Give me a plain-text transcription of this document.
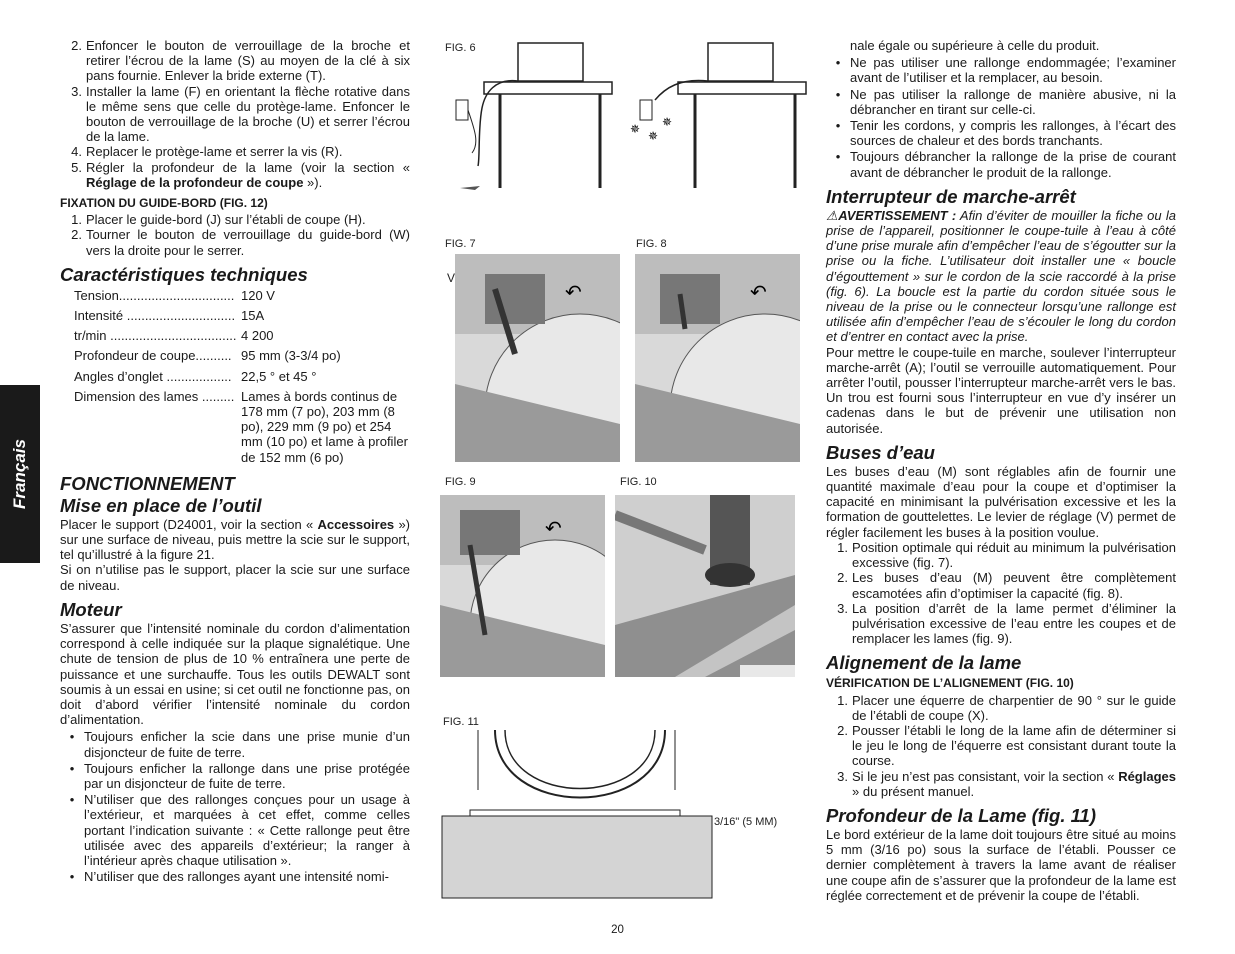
Français
2. Enfoncer le bouton de verrouillage de la broche et retirer l’écrou de la lame (S) au moyen de la clé à six pans fournie. Enlever la bride externe (T).
3. Installer la lame (F) en orientant la flèche rotative dans le même sens que celle du protège-lame. Enfoncer le bouton de verrouillage de la broche (U) et serrer l’écrou de la lame.
4. Replacer le protège-lame et serrer la vis (R).
5. Régler la profondeur de la lame (voir la section « Réglage de la profondeur de coupe »).
FIXATION DU GUIDE-BORD (FIG. 12)
1. Placer le guide-bord (J) sur l’établi de coupe (H).
2. Tourner le bouton de verrouillage du guide-bord (W) vers la droite pour le serrer.
Caractéristiques techniques
Tension................................ 120 V
Intensité .............................. 15A
tr/min ................................... 4 200
Profondeur de coupe.......... 95 mm (3-3/4 po)
Angles d’onglet .................. 22,5 ° et 45 °
Dimension des lames ......... Lames à bords continus de 178 mm (7 po), 203 mm (8 po), 229 mm (9 po) et 254 mm (10 po) et lame à profiler de 152 mm (6 po)
FONCTIONNEMENT
Mise en place de l’outil

Placer le support (D24001, voir la section « Accessoires ») sur une surface de niveau, puis mettre la scie sur le support, tel qu’illustré à la figure 21.

Si on n’utilise pas le support, placer la scie sur une surface de niveau.

Moteur

S’assurer que l’intensité nominale du cordon d’alimentation correspond à celle indiquée sur la plaque signalétique. Une chute de tension de plus de 10 % entraînera une perte de puissance et une surchauffe. Tous les outils DEWALT sont soumis à un essai en usine; si cet outil ne fonctionne pas, on doit d’abord vérifier l’intensité nominale du cordon d’alimentation.

• Toujours enficher la scie dans une prise munie d’un disjoncteur de fuite de terre.
• Toujours enficher la rallonge dans une prise protégée par un disjoncteur de fuite de terre.
• N’utiliser que des rallonges conçues pour un usage à l’extérieur, et marquées à cet effet, comme celles portant l’indication suivante : « Cette rallonge peut être utilisée avec des appareils d’extérieur; la ranger à l’intérieur après chaque utilisation ».
• N’utiliser que des rallonges ayant une intensité nomi-
FIG. 6
✵ ✵
✵
FIG. 7	FIG. 8
V
↶	↶
FIG. 9	FIG. 10
↶
FIG. 11
3/16" (5 MM)

nale égale ou supérieure à celle du produit.

• Ne pas utiliser une rallonge endommagée; l’examiner avant de l’utiliser et la remplacer, au besoin.
• Ne pas utiliser la rallonge de manière abusive, ni la débrancher en tirant sur celle-ci.
• Tenir les cordons, y compris les rallonges, à l’écart des sources de chaleur et des bords tranchants.
• Toujours débrancher la rallonge de la prise de courant avant de débrancher le produit de la rallonge.
Interrupteur de marche-arrêt

⚠AVERTISSEMENT : Afin d’éviter de mouiller la fiche ou la prise de l’appareil, positionner le coupe-tuile à l’eau à côté d’une prise murale afin d’empêcher l’eau de s’égoutter sur la prise ou la fiche. L’utilisateur doit installer une « boucle d’égouttement » sur le cordon de la scie raccordé à la prise (fig. 6). La boucle est la partie du cordon située sous le niveau de la prise ou le connecteur lorsqu’une rallonge est utilisée afin d’empêcher l’eau de s’écouler le long du cordon et d’entrer en contact avec la prise.

Pour mettre le coupe-tuile en marche, soulever l’interrupteur marche-arrêt (A); l’outil se verrouille automatiquement. Pour arrêter l’outil, pousser l’interrupteur marche-arrêt vers le bas. Un trou est fourni sous l’interrupteur en vue d’y insérer un cadenas dans le but de prévenir une utilisation non autorisée.

Buses d’eau

Les buses d’eau (M) sont réglables afin de fournir une quantité maximale d’eau pour la coupe et d’optimiser la capacité en minimisant la pulvérisation excessive et les la formation de gouttelettes. Le levier de réglage (V) permet de régler facilement les buses à la position voulue.

1. Position optimale qui réduit au minimum la pulvérisation excessive (fig. 7).
2. Les buses d’eau (M) peuvent être complètement escamotées afin d’optimiser la capacité (fig. 8).
3. La position d’arrêt de la lame permet d’éliminer la pulvérisation excessive de l’eau entre les coupes et de remplacer les lames (fig. 9).
Alignement de la lame
VÉRIFICATION DE L’ALIGNEMENT (FIG. 10)
1. Placer une équerre de charpentier de 90 ° sur le guide de l’établi de coupe (X).
2. Pousser l’établi le long de la lame afin de déterminer si le jeu le long de l’équerre est consistant durant toute la course.
3. Si le jeu n’est pas consistant, voir la section « Réglages » du présent manuel.
Profondeur de la Lame (fig. 11)

Le bord extérieur de la lame doit toujours être situé au moins 5 mm (3/16 po) sous la surface de l’établi. Pousser ce dernier complètement à travers la lame avant de réaliser une coupe afin de s’assurer que la profondeur de la lame est réglée correctement et de prévenir la coupe de l’établi.

20
